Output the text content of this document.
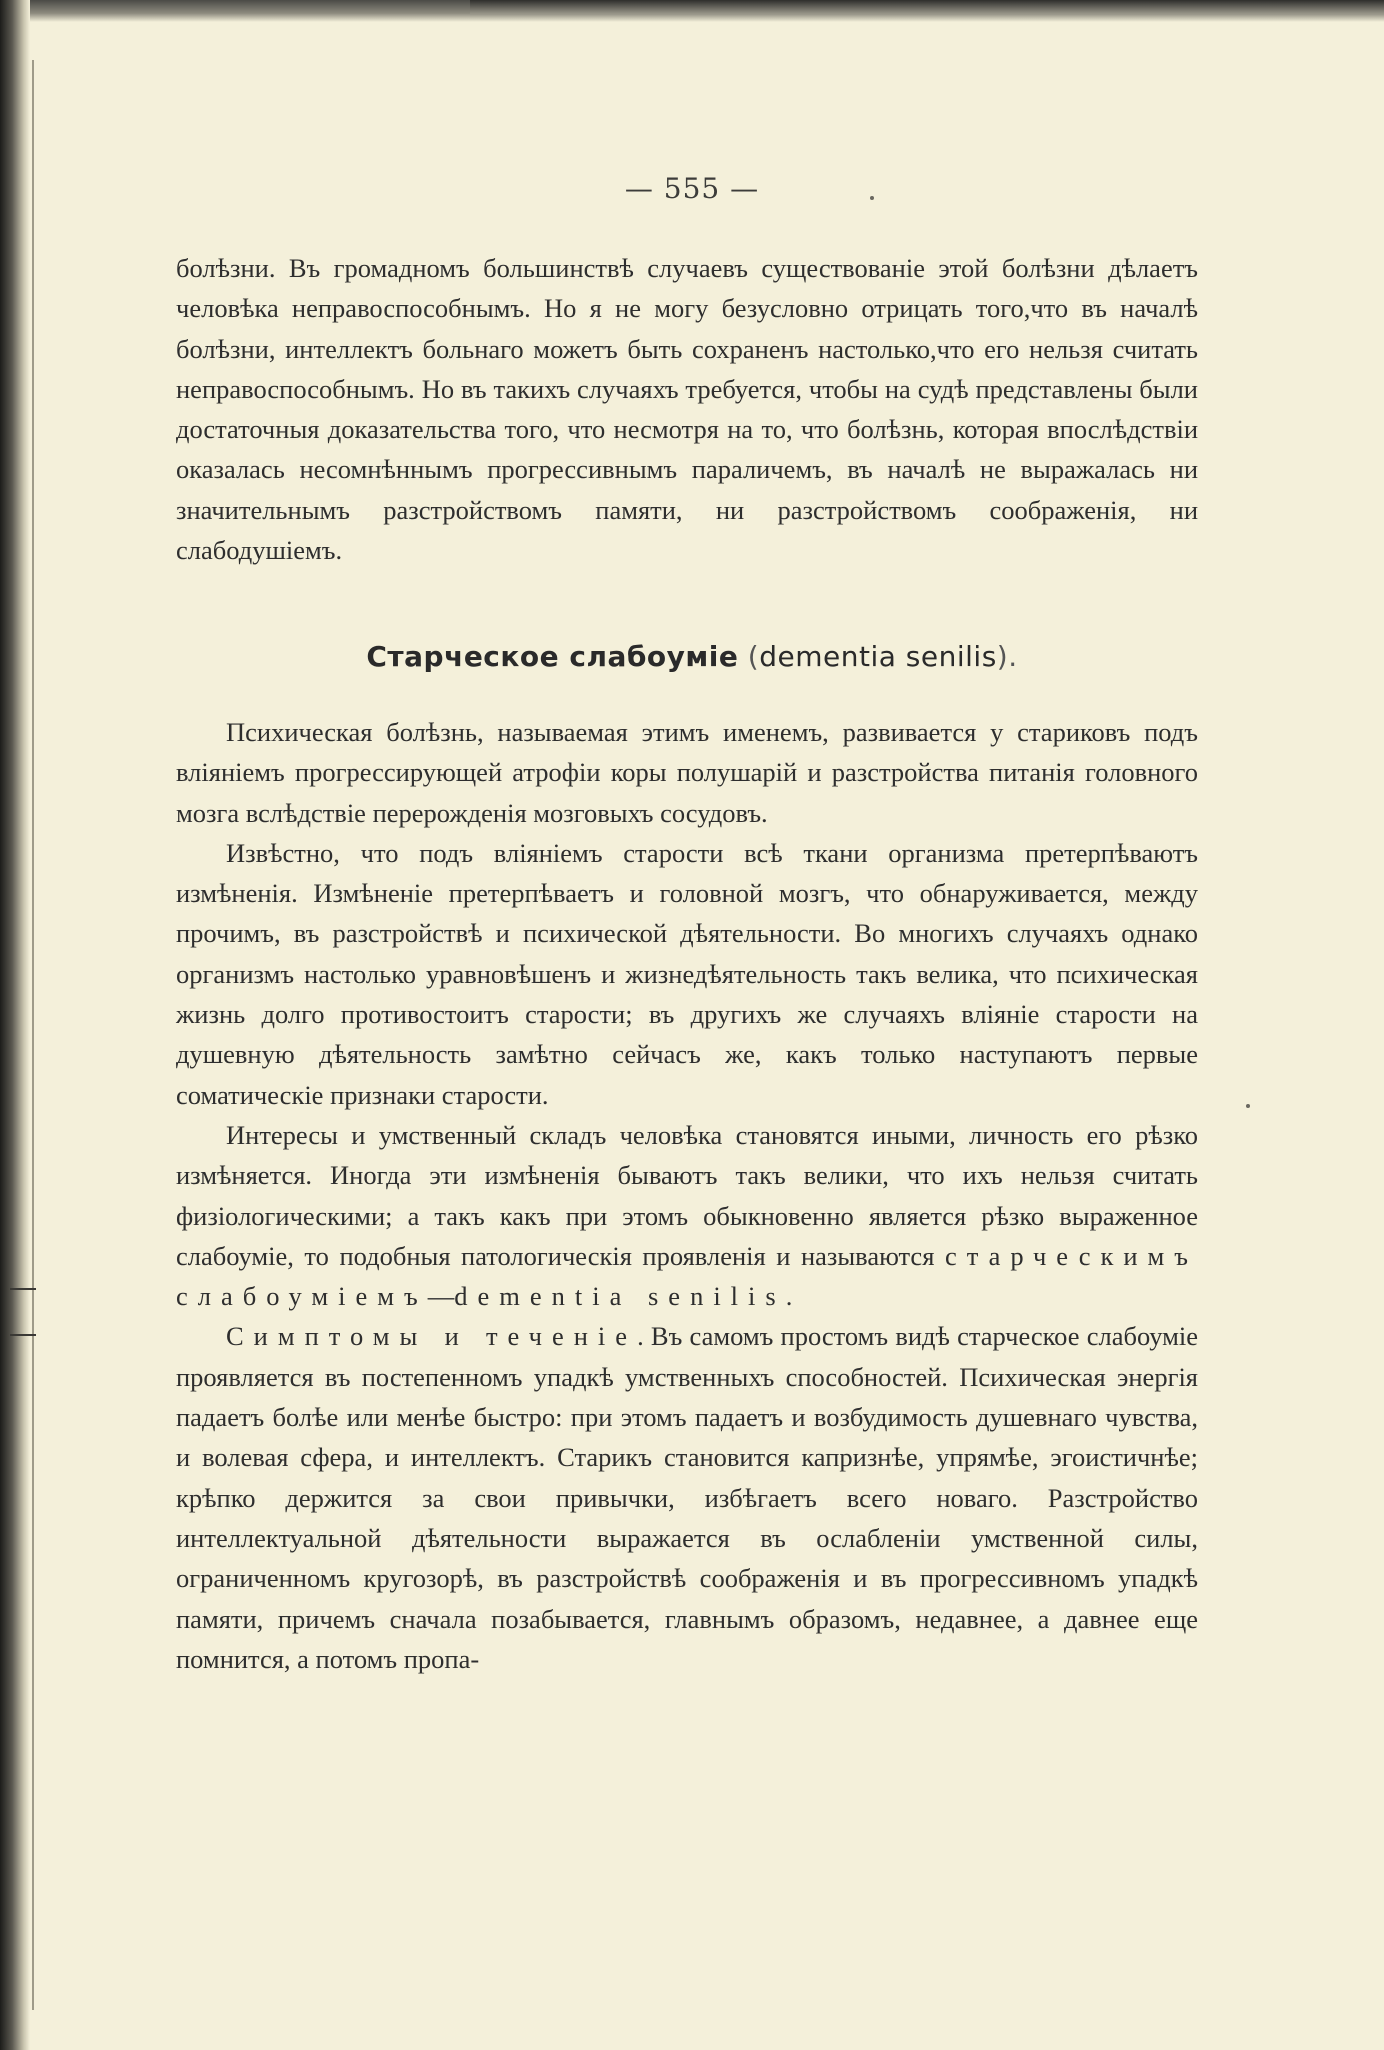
— 555 —

болѣзни. Въ громадномъ большинствѣ случаевъ существованіе этой болѣзни дѣлаетъ человѣка неправоспособнымъ. Но я не могу безусловно отрицать того,что въ началѣ болѣзни, интеллектъ больнаго можетъ быть сохраненъ настолько,что его нельзя считать неправоспособнымъ. Но въ такихъ случаяхъ требуется, чтобы на судѣ представлены были достаточныя доказательства того, что несмотря на то, что болѣзнь, которая впослѣдствіи оказалась несомнѣннымъ прогрессивнымъ параличемъ, въ началѣ не выражалась ни значительнымъ разстройствомъ памяти, ни разстройствомъ соображенія, ни слабодушіемъ.

Старческое слабоумie (dementia senilis).

Психическая болѣзнь, называемая этимъ именемъ, развивается у стариковъ подъ вліяніемъ прогрессирующей атрофіи коры полушарій и разстройства питанія головного мозга вслѣдствіе перерожденія мозговыхъ сосудовъ.

Извѣстно, что подъ вліяніемъ старости всѣ ткани организма претерпѣваютъ измѣненія. Измѣненіе претерпѣваетъ и головной мозгъ, что обнаруживается, между прочимъ, въ разстройствѣ и психической дѣятельности. Во многихъ случаяхъ однако организмъ настолько уравновѣшенъ и жизнедѣятельность такъ велика, что психическая жизнь долго противостоитъ старости; въ другихъ же случаяхъ вліяніе старости на душевную дѣятельность замѣтно сейчасъ же, какъ только наступаютъ первые соматическіе признаки старости.

Интересы и умственный складъ человѣка становятся иными, личность его рѣзко измѣняется. Иногда эти измѣненія бываютъ такъ велики, что ихъ нельзя считать физіологическими; а такъ какъ при этомъ обыкновенно является рѣзко выраженное слабоуміе, то подобныя патологическія проявленія и называются старческимъ слабоуміемъ—dementia senilis.

Симптомы и теченіе. Въ самомъ простомъ видѣ старческое слабоуміе проявляется въ постепенномъ упадкѣ умственныхъ способностей. Психическая энергія падаетъ болѣе или менѣе быстро: при этомъ падаетъ и возбудимость душевнаго чувства, и волевая сфера, и интеллектъ. Старикъ становится капризнѣе, упрямѣе, эгоистичнѣе; крѣпко держится за свои привычки, избѣгаетъ всего новаго. Разстройство интеллектуальной дѣятельности выражается въ ослабленіи умственной силы, ограниченномъ кругозорѣ, въ разстройствѣ соображенія и въ прогрессивномъ упадкѣ памяти, причемъ сначала позабывается, главнымъ образомъ, недавнее, а давнее еще помнится, а потомъ пропа-
